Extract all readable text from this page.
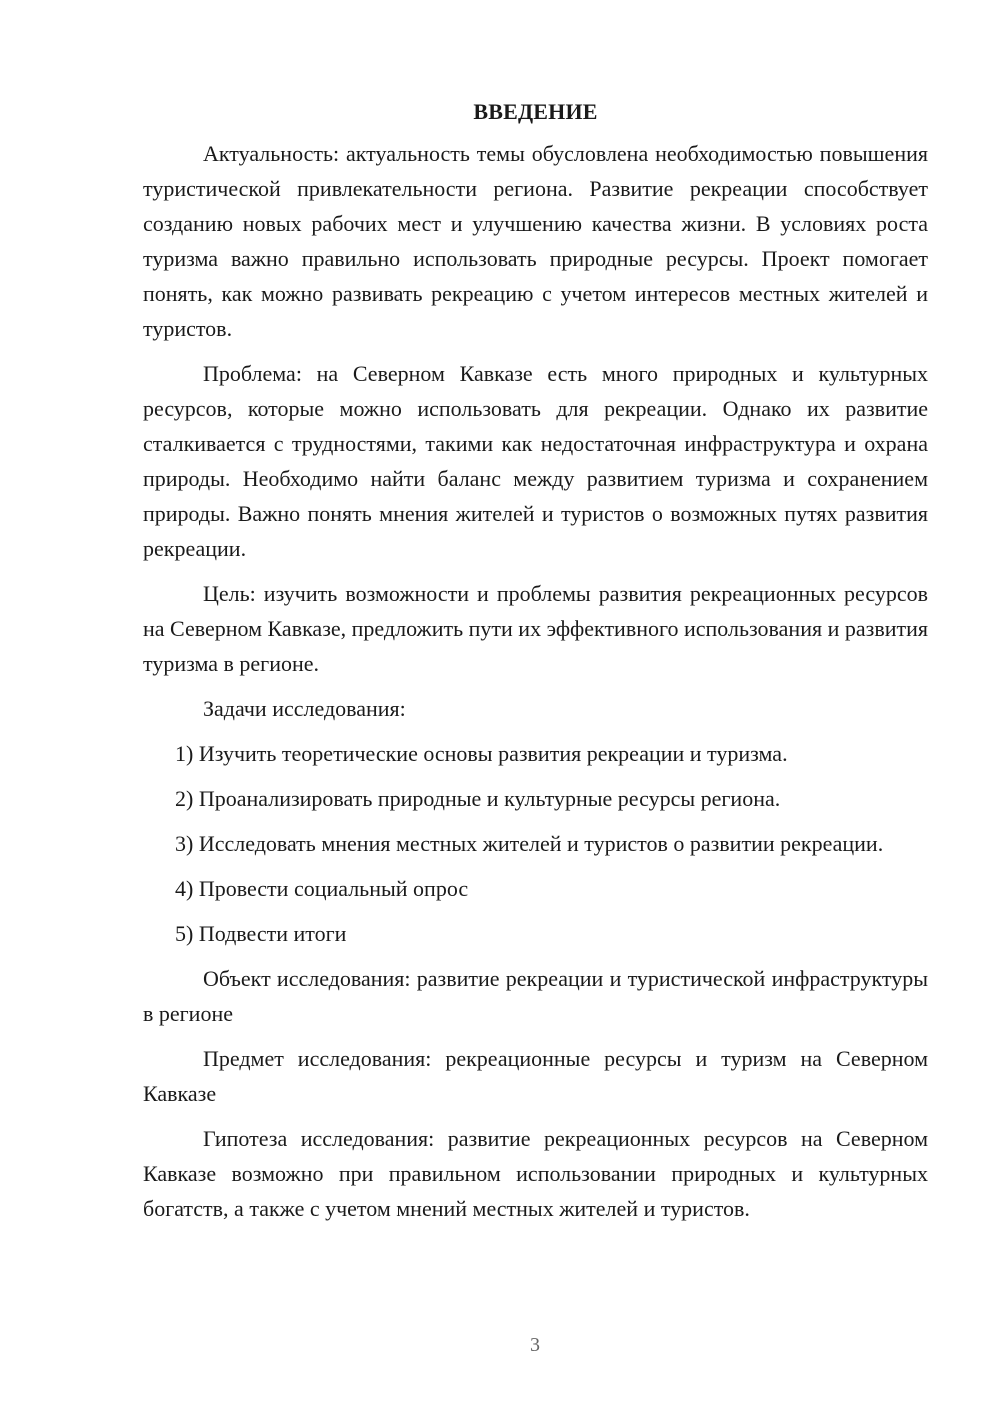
ВВЕДЕНИЕ

Актуальность: актуальность темы обусловлена необходимостью повышения туристической привлекательности региона. Развитие рекреации способствует созданию новых рабочих мест и улучшению качества жизни. В условиях роста туризма важно правильно использовать природные ресурсы. Проект помогает понять, как можно развивать рекреацию с учетом интересов местных жителей и туристов.

Проблема: на Северном Кавказе есть много природных и культурных ресурсов, которые можно использовать для рекреации. Однако их развитие сталкивается с трудностями, такими как недостаточная инфраструктура и охрана природы. Необходимо найти баланс между развитием туризма и сохранением природы. Важно понять мнения жителей и туристов о возможных путях развития рекреации.

Цель: изучить возможности и проблемы развития рекреационных ресурсов на Северном Кавказе, предложить пути их эффективного использования и развития туризма в регионе.

Задачи исследования:

1) Изучить теоретические основы развития рекреации и туризма.

2) Проанализировать природные и культурные ресурсы региона.

3) Исследовать мнения местных жителей и туристов о развитии рекреации.

4) Провести социальный опрос

5) Подвести итоги

Объект исследования: развитие рекреации и туристической инфраструктуры в регионе

Предмет исследования: рекреационные ресурсы и туризм на Северном Кавказе

Гипотеза исследования: развитие рекреационных ресурсов на Северном Кавказе возможно при правильном использовании природных и культурных богатств, а также с учетом мнений местных жителей и туристов.

3
